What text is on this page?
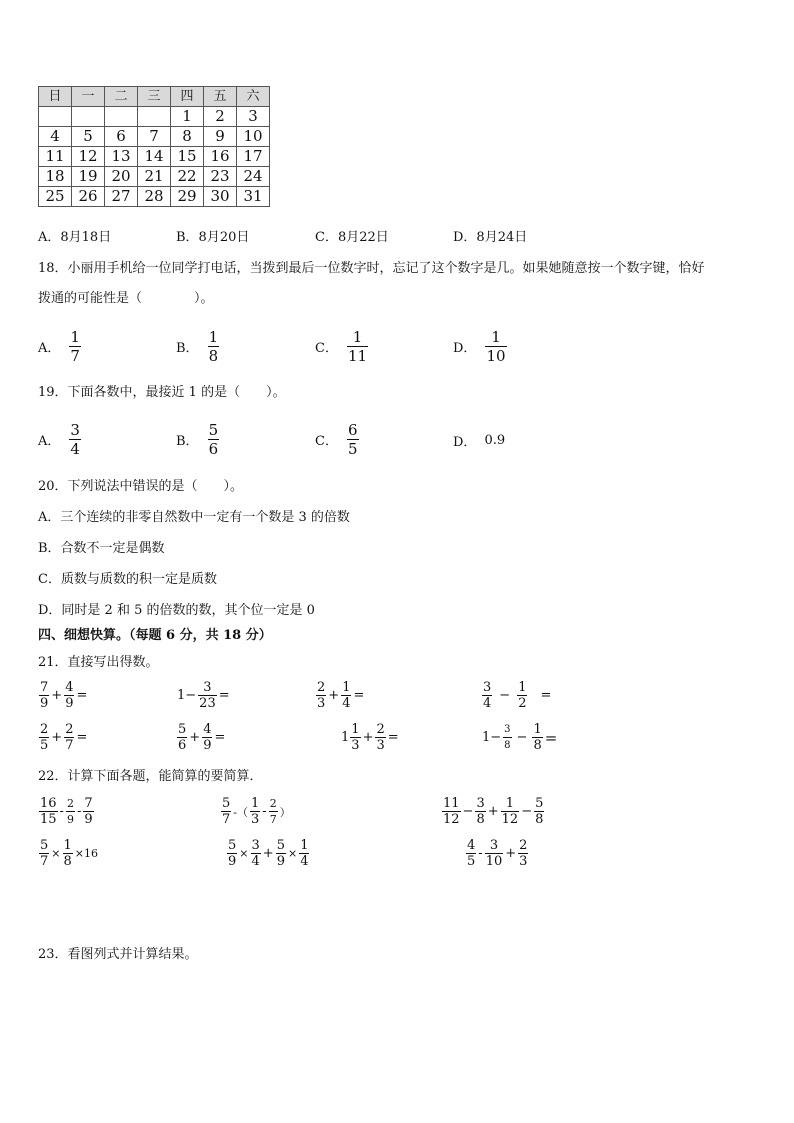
日	一	二	三	四	五	六
				1	2	3
4	5	6	7	8	9	10
11	12	13	14	15	16	17
18	19	20	21	22	23	24
25	26	27	28	29	30	31
A．8月18日	B．8月20日	C．8月22日	D．8月24日
18．小丽用手机给一位同学打电话，当拨到最后一位数字时，忘记了这个数字是几。如果她随意按一个数字键，恰好
拨通的可能性是（　　　　）。
A． $\frac{1}{7}$	B． $\frac{1}{8}$	C． $\frac{1}{11}$	D． $\frac{1}{10}$
19．下面各数中，最接近 1 的是（　　）。
A． $\frac{3}{4}$	B． $\frac{5}{6}$	C． $\frac{6}{5}$	D． 0.9
20．下列说法中错误的是（　　）。
A．三个连续的非零自然数中一定有一个数是 3 的倍数
B．合数不一定是偶数
C．质数与质数的积一定是质数
D．同时是 2 和 5 的倍数的数，其个位一定是 0
四、细想快算。（每题 6 分，共 18 分）
21．直接写出得数。
$\frac{7}{9} + \frac{4}{9}$ =	$1- \frac{3}{23}$ =	$\frac{2}{3} + \frac{1}{4}$ =	$\frac{3}{4} - \frac{1}{2}$	=
$\frac{2}{5} + \frac{2}{7}$ =	$\frac{5}{6} + \frac{4}{9}$ =	$1 \frac{1}{3} + \frac{2}{3}$ =	$1- \frac{3}{8} - \frac{1}{8}$ =
22．计算下面各题，能简算的要简算．
$\frac{16}{15} - \frac{2}{9} - \frac{7}{9}$	$\frac{5}{7}$ -（ $\frac{1}{3} - \frac{2}{7}$ ）	$\frac{11}{12} - \frac{3}{8} + \frac{1}{12} - \frac{5}{8}$
$\frac{5}{7} \times \frac{1}{8} \times 16$	$\frac{5}{9} \times \frac{3}{4} + \frac{5}{9} \times \frac{1}{4}$	$\frac{4}{5} - \frac{3}{10} + \frac{2}{3}$
23．看图列式并计算结果。
